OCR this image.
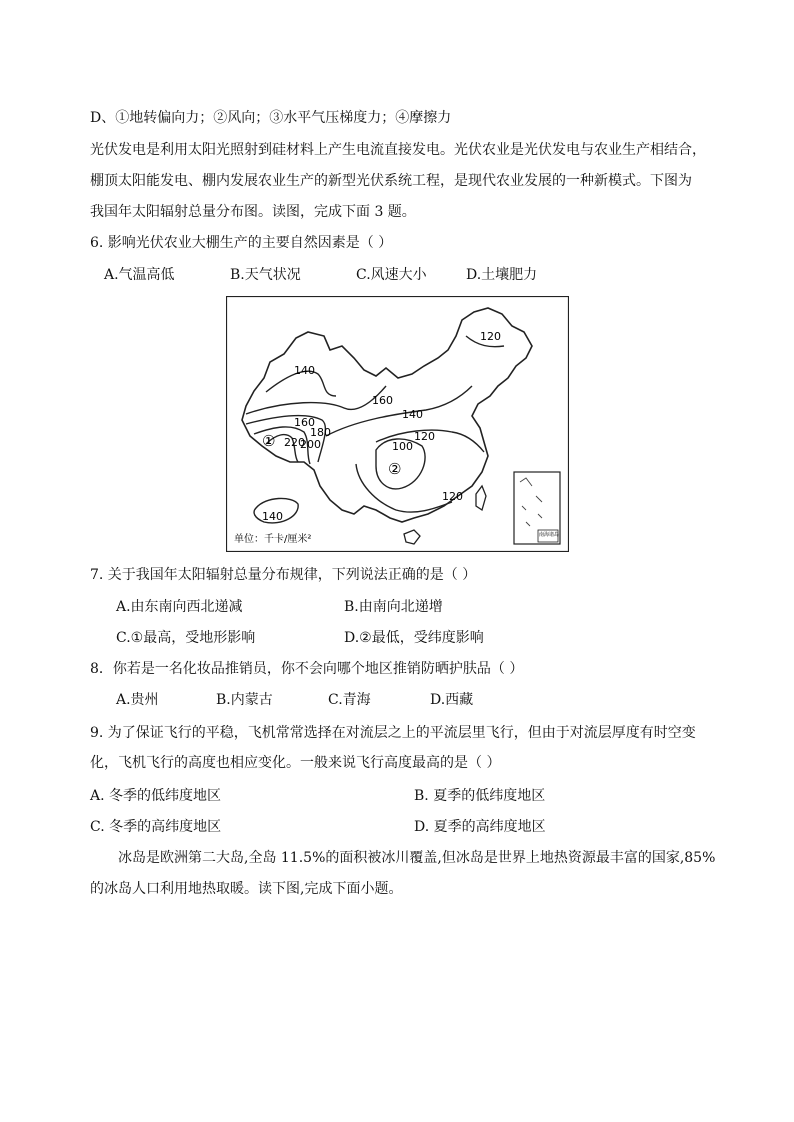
D、①地转偏向力；②风向；③水平气压梯度力；④摩擦力
光伏发电是利用太阳光照射到硅材料上产生电流直接发电。光伏农业是光伏发电与农业生产相结合，
棚顶太阳能发电、棚内发展农业生产的新型光伏系统工程，是现代农业发展的一种新模式。下图为
我国年太阳辐射总量分布图。读图，完成下面 3 题。
6. 影响光伏农业大棚生产的主要自然因素是（ ）
A.气温高低	B.天气状况	C.风速大小	D.土壤肥力
140
160
180
200
220
160
140
120
100
120
120
140
①
②
单位：千卡/厘米²	南海诸岛
7. 关于我国年太阳辐射总量分布规律，下列说法正确的是（ ）
A.由东南向西北递减	B.由南向北递增
C.①最高，受地形影响	D.②最低，受纬度影响
8．你若是一名化妆品推销员，你不会向哪个地区推销防晒护肤品（ ）
A.贵州	B.内蒙古	C.青海	D.西藏
9. 为了保证飞行的平稳，飞机常常选择在对流层之上的平流层里飞行，但由于对流层厚度有时空变
化，飞机飞行的高度也相应变化。一般来说飞行高度最高的是（ ）
A. 冬季的低纬度地区	B. 夏季的低纬度地区
C. 冬季的高纬度地区	D. 夏季的高纬度地区
冰岛是欧洲第二大岛,全岛 11.5%的面积被冰川覆盖,但冰岛是世界上地热资源最丰富的国家,85%
的冰岛人口利用地热取暖。读下图,完成下面小题。
